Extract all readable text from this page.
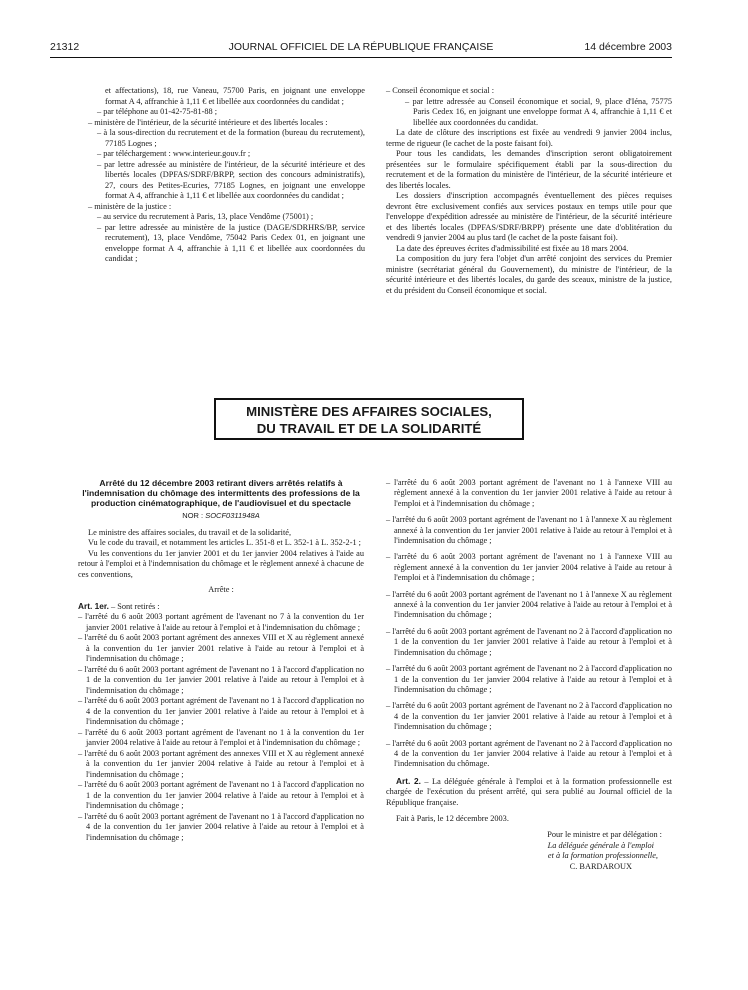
21312	JOURNAL OFFICIEL DE LA RÉPUBLIQUE FRANÇAISE	14 décembre 2003

et affectations), 18, rue Vaneau, 75700 Paris, en joignant une enveloppe format A 4, affranchie à 1,11 € et libellée aux coordonnées du candidat ;

– par téléphone au 01-42-75-81-88 ;

– ministère de l'intérieur, de la sécurité intérieure et des libertés locales :

– à la sous-direction du recrutement et de la formation (bureau du recrutement), 77185 Lognes ;

– par téléchargement : www.interieur.gouv.fr ;

– par lettre adressée au ministère de l'intérieur, de la sécurité intérieure et des libertés locales (DPFAS/SDRF/BRPP, section des concours administratifs), 27, cours des Petites-Ecuries, 77185 Lognes, en joignant une enveloppe format A 4, affranchie à 1,11 € et libellée aux coordonnées du candidat ;

– ministère de la justice :

– au service du recrutement à Paris, 13, place Vendôme (75001) ;

– par lettre adressée au ministère de la justice (DAGE/SDRHRS/BP, service recrutement), 13, place Vendôme, 75042 Paris Cedex 01, en joignant une enveloppe format A 4, affranchie à 1,11 € et libellée aux coordonnées du candidat ;

– Conseil économique et social :

– par lettre adressée au Conseil économique et social, 9, place d'Iéna, 75775 Paris Cedex 16, en joignant une enveloppe format A 4, affranchie à 1,11 € et libellée aux coordonnées du candidat.

La date de clôture des inscriptions est fixée au vendredi 9 janvier 2004 inclus, terme de rigueur (le cachet de la poste faisant foi).

Pour tous les candidats, les demandes d'inscription seront obligatoirement présentées sur le formulaire spécifiquement établi par la sous-direction du recrutement et de la formation du ministère de l'intérieur, de la sécurité intérieure et des libertés locales.

Les dossiers d'inscription accompagnés éventuellement des pièces requises devront être exclusivement confiés aux services postaux en temps utile pour que l'enveloppe d'expédition adressée au ministère de l'intérieur, de la sécurité intérieure et des libertés locales (DPFAS/SDRF/BRPP) présente une date d'oblitération du vendredi 9 janvier 2004 au plus tard (le cachet de la poste faisant foi).

La date des épreuves écrites d'admissibilité est fixée au 18 mars 2004.

La composition du jury fera l'objet d'un arrêté conjoint des services du Premier ministre (secrétariat général du Gouvernement), du ministre de l'intérieur, de la sécurité intérieure et des libertés locales, du garde des sceaux, ministre de la justice, et du président du Conseil économique et social.

MINISTÈRE DES AFFAIRES SOCIALES,
DU TRAVAIL ET DE LA SOLIDARITÉ

Arrêté du 12 décembre 2003 retirant divers arrêtés relatifs à l'indemnisation du chômage des intermittents des professions de la production cinématographique, de l'audiovisuel et du spectacle

NOR : SOCF0311948A

Le ministre des affaires sociales, du travail et de la solidarité,

Vu le code du travail, et notamment les articles L. 351-8 et L. 352-1 à L. 352-2-1 ;

Vu les conventions du 1er janvier 2001 et du 1er janvier 2004 relatives à l'aide au retour à l'emploi et à l'indemnisation du chômage et le règlement annexé à chacune de ces conventions,

Arrête :

Art. 1er. – Sont retirés :

– l'arrêté du 6 août 2003 portant agrément de l'avenant no 7 à la convention du 1er janvier 2001 relative à l'aide au retour à l'emploi et à l'indemnisation du chômage ;

– l'arrêté du 6 août 2003 portant agrément des annexes VIII et X au règlement annexé à la convention du 1er janvier 2001 relative à l'aide au retour à l'emploi et à l'indemnisation du chômage ;

– l'arrêté du 6 août 2003 portant agrément de l'avenant no 1 à l'accord d'application no 1 de la convention du 1er janvier 2001 relative à l'aide au retour à l'emploi et à l'indemnisation du chômage ;

– l'arrêté du 6 août 2003 portant agrément de l'avenant no 1 à l'accord d'application no 4 de la convention du 1er janvier 2001 relative à l'aide au retour à l'emploi et à l'indemnisation du chômage ;

– l'arrêté du 6 août 2003 portant agrément de l'avenant no 1 à la convention du 1er janvier 2004 relative à l'aide au retour à l'emploi et à l'indemnisation du chômage ;

– l'arrêté du 6 août 2003 portant agrément des annexes VIII et X au règlement annexé à la convention du 1er janvier 2004 relative à l'aide au retour à l'emploi et à l'indemnisation du chômage ;

– l'arrêté du 6 août 2003 portant agrément de l'avenant no 1 à l'accord d'application no 1 de la convention du 1er janvier 2004 relative à l'aide au retour à l'emploi et à l'indemnisation du chômage ;

– l'arrêté du 6 août 2003 portant agrément de l'avenant no 1 à l'accord d'application no 4 de la convention du 1er janvier 2004 relative à l'aide au retour à l'emploi et à l'indemnisation du chômage ;

– l'arrêté du 6 août 2003 portant agrément de l'avenant no 1 à l'annexe VIII au règlement annexé à la convention du 1er janvier 2001 relative à l'aide au retour à l'emploi et à l'indemnisation du chômage ;

– l'arrêté du 6 août 2003 portant agrément de l'avenant no 1 à l'annexe X au règlement annexé à la convention du 1er janvier 2001 relative à l'aide au retour à l'emploi et à l'indemnisation du chômage ;

– l'arrêté du 6 août 2003 portant agrément de l'avenant no 1 à l'annexe VIII au règlement annexé à la convention du 1er janvier 2004 relative à l'aide au retour à l'emploi et à l'indemnisation du chômage ;

– l'arrêté du 6 août 2003 portant agrément de l'avenant no 1 à l'annexe X au règlement annexé à la convention du 1er janvier 2004 relative à l'aide au retour à l'emploi et à l'indemnisation du chômage ;

– l'arrêté du 6 août 2003 portant agrément de l'avenant no 2 à l'accord d'application no 1 de la convention du 1er janvier 2001 relative à l'aide au retour à l'emploi et à l'indemnisation du chômage ;

– l'arrêté du 6 août 2003 portant agrément de l'avenant no 2 à l'accord d'application no 1 de la convention du 1er janvier 2004 relative à l'aide au retour à l'emploi et à l'indemnisation du chômage ;

– l'arrêté du 6 août 2003 portant agrément de l'avenant no 2 à l'accord d'application no 4 de la convention du 1er janvier 2001 relative à l'aide au retour à l'emploi et à l'indemnisation du chômage ;

– l'arrêté du 6 août 2003 portant agrément de l'avenant no 2 à l'accord d'application no 4 de la convention du 1er janvier 2004 relative à l'aide au retour à l'emploi et à l'indemnisation du chômage.

Art. 2. – La déléguée générale à l'emploi et à la formation professionnelle est chargée de l'exécution du présent arrêté, qui sera publié au Journal officiel de la République française.

Fait à Paris, le 12 décembre 2003.

Pour le ministre et par délégation :

La déléguée générale à l'emploi

et à la formation professionnelle,

C. BARDAROUX
